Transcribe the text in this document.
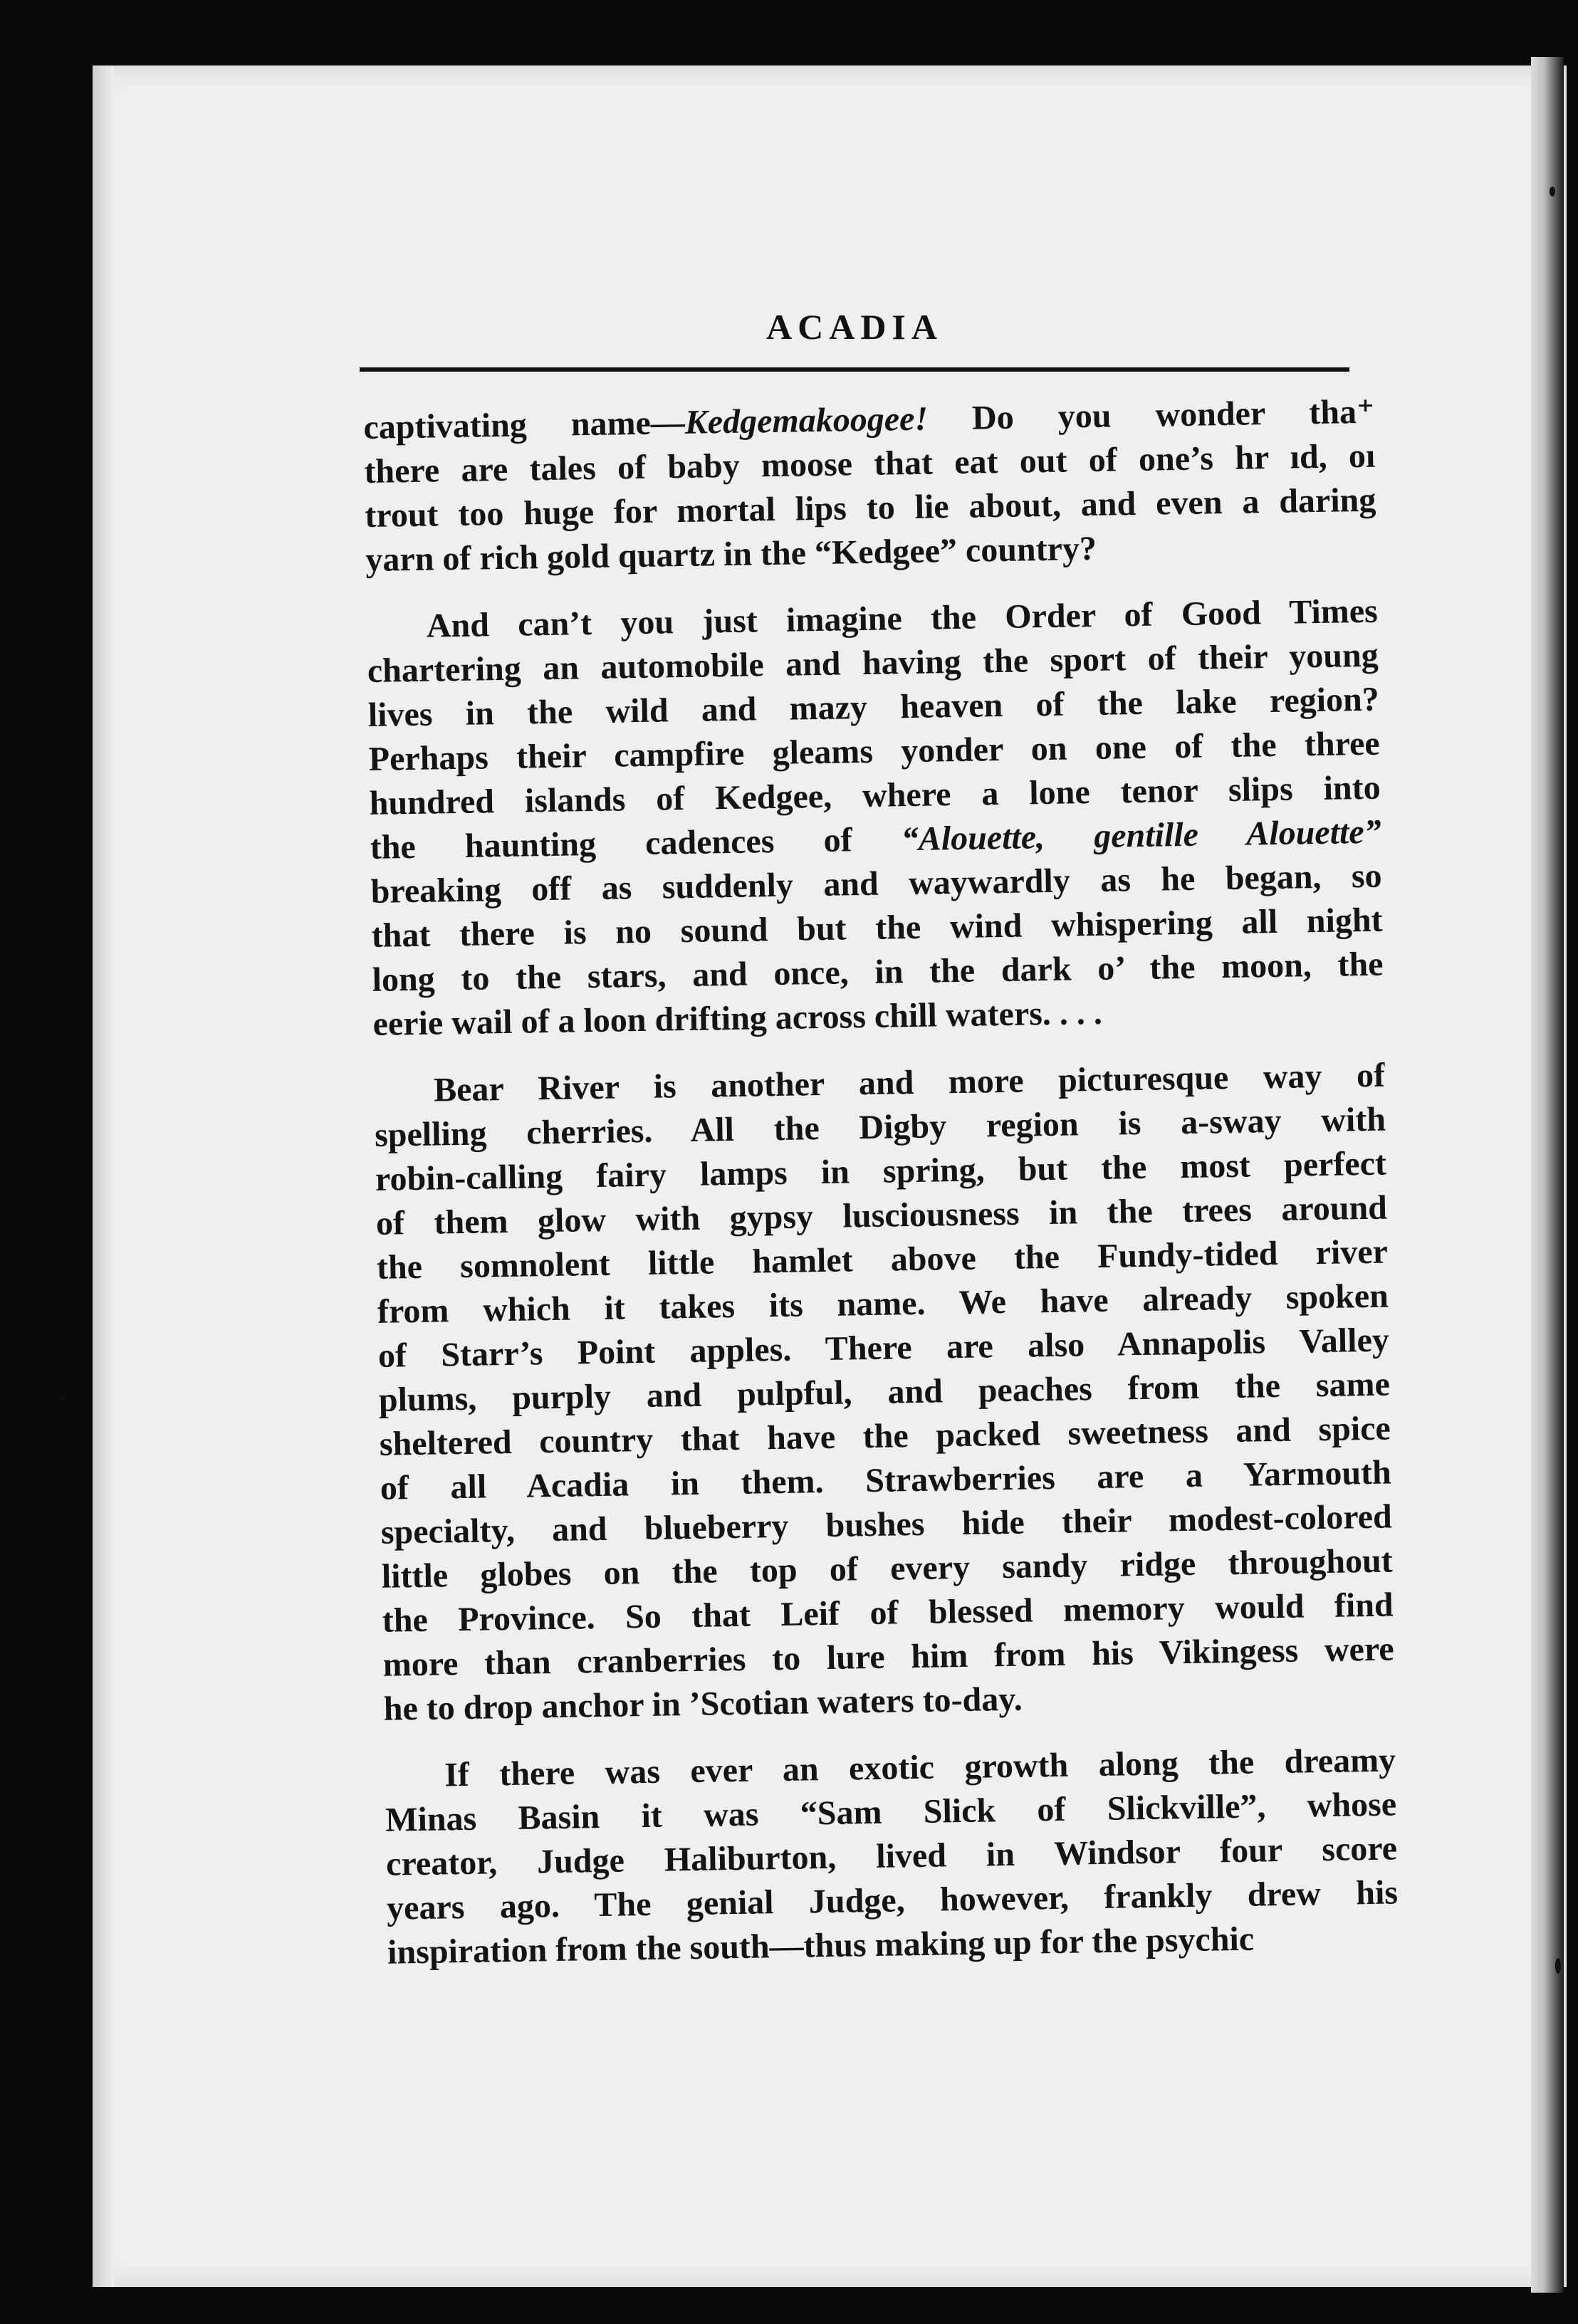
ACADIA
captivating name—Kedgemakoogee! Do you wonder tha⁺
there are tales of baby moose that eat out of one’s hr ıd, oı
trout too huge for mortal lips to lie about, and even a daring
yarn of rich gold quartz in the “Kedgee” country?
And can’t you just imagine the Order of Good Times
chartering an automobile and having the sport of their young
lives in the wild and mazy heaven of the lake region?
Perhaps their campfire gleams yonder on one of the three
hundred islands of Kedgee, where a lone tenor slips into
the haunting cadences of “Alouette, gentille Alouette”
breaking off as suddenly and waywardly as he began, so
that there is no sound but the wind whispering all night
long to the stars, and once, in the dark o’ the moon, the
eerie wail of a loon drifting across chill waters. . . .
Bear River is another and more picturesque way of
spelling cherries. All the Digby region is a-sway with
robin-calling fairy lamps in spring, but the most perfect
of them glow with gypsy lusciousness in the trees around
the somnolent little hamlet above the Fundy-tided river
from which it takes its name. We have already spoken
of Starr’s Point apples. There are also Annapolis Valley
plums, purply and pulpful, and peaches from the same
sheltered country that have the packed sweetness and spice
of all Acadia in them. Strawberries are a Yarmouth
specialty, and blueberry bushes hide their modest-colored
little globes on the top of every sandy ridge throughout
the Province. So that Leif of blessed memory would find
more than cranberries to lure him from his Vikingess were
he to drop anchor in ’Scotian waters to-day.
If there was ever an exotic growth along the dreamy
Minas Basin it was “Sam Slick of Slickville”, whose
creator, Judge Haliburton, lived in Windsor four score
years ago. The genial Judge, however, frankly drew his
inspiration from the south—thus making up for the psychic
